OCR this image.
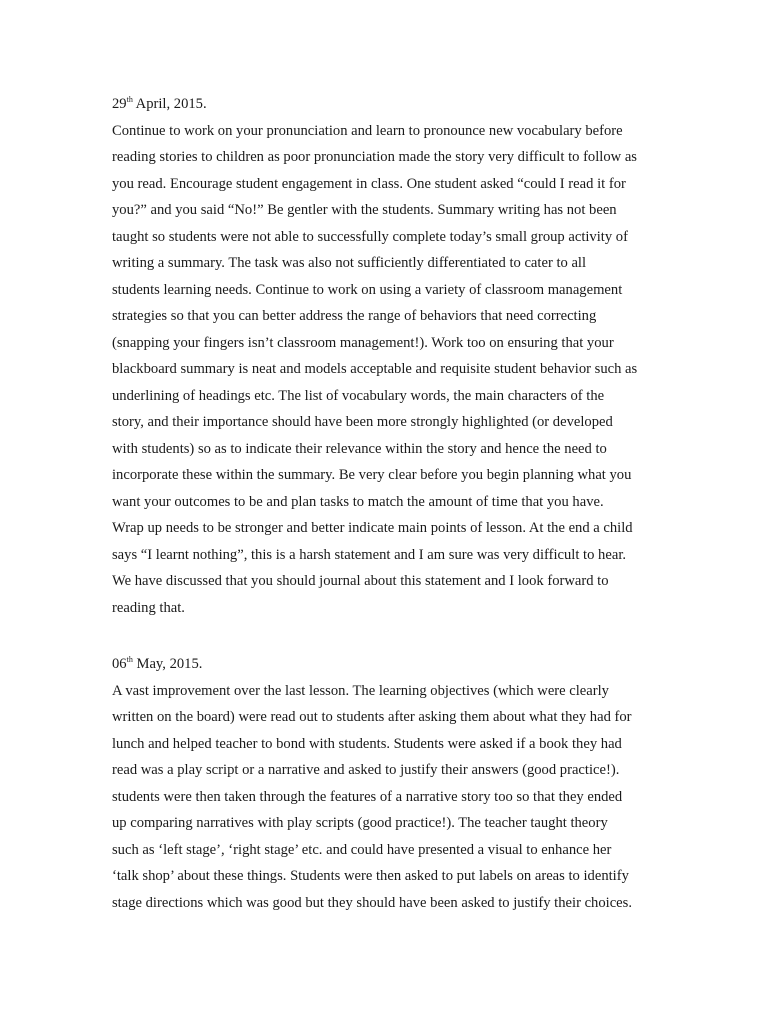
29th April, 2015.
Continue to work on your pronunciation and learn to pronounce new vocabulary before
reading stories to children as poor pronunciation made the story very difficult to follow as
you read. Encourage student engagement in class. One student asked “could I read it for
you?” and you said “No!” Be gentler with the students. Summary writing has not been
taught so students were not able to successfully complete today’s small group activity of
writing a summary. The task was also not sufficiently differentiated to cater to all
students learning needs. Continue to work on using a variety of classroom management
strategies so that you can better address the range of behaviors that need correcting
(snapping your fingers isn’t classroom management!). Work too on ensuring that your
blackboard summary is neat and models acceptable and requisite student behavior such as
underlining of headings etc. The list of vocabulary words, the main characters of the
story, and their importance should have been more strongly highlighted (or developed
with students) so as to indicate their relevance within the story and hence the need to
incorporate these within the summary. Be very clear before you begin planning what you
want your outcomes to be and plan tasks to match the amount of time that you have.
Wrap up needs to be stronger and better indicate main points of lesson. At the end a child
says “I learnt nothing”, this is a harsh statement and I am sure was very difficult to hear.
We have discussed that you should journal about this statement and I look forward to
reading that.
06th May, 2015.
A vast improvement over the last lesson. The learning objectives (which were clearly
written on the board) were read out to students after asking them about what they had for
lunch and helped teacher to bond with students. Students were asked if a book they had
read was a play script or a narrative and asked to justify their answers (good practice!).
students were then taken through the features of a narrative story too so that they ended
up comparing narratives with play scripts (good practice!). The teacher taught theory
such as ‘left stage’, ‘right stage’ etc. and could have presented a visual to enhance her
‘talk shop’ about these things. Students were then asked to put labels on areas to identify
stage directions which was good but they should have been asked to justify their choices.
